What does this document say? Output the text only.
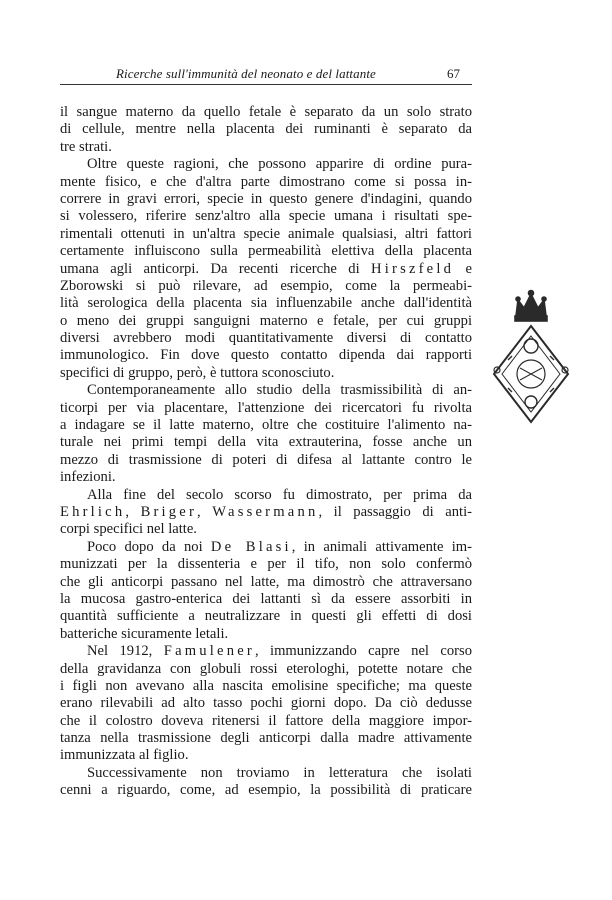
Ricerche sull'immunità del neonato e del lattante	67
il sangue materno da quello fetale è separato da un solo strato
di cellule, mentre nella placenta dei ruminanti è separato da
tre strati.
Oltre queste ragioni, che possono apparire di ordine pura-
mente fisico, e che d'altra parte dimostrano come si possa in-
correre in gravi errori, specie in questo genere d'indagini, quando
si volessero, riferire senz'altro alla specie umana i risultati spe-
rimentali ottenuti in un'altra specie animale qualsiasi, altri fattori
certamente influiscono sulla permeabilità elettiva della placenta
umana agli anticorpi. Da recenti ricerche di Hirszfeld e
Zborowski si può rilevare, ad esempio, come la permeabi-
lità serologica della placenta sia influenzabile anche dall'identità
o meno dei gruppi sanguigni materno e fetale, per cui gruppi
diversi avrebbero modi quantitativamente diversi di contatto
immunologico. Fin dove questo contatto dipenda dai rapporti
specifici di gruppo, però, è tuttora sconosciuto.
Contemporaneamente allo studio della trasmissibilità di an-
ticorpi per via placentare, l'attenzione dei ricercatori fu rivolta
a indagare se il latte materno, oltre che costituire l'alimento na-
turale nei primi tempi della vita extrauterina, fosse anche un
mezzo di trasmissione di poteri di difesa al lattante contro le
infezioni.
Alla fine del secolo scorso fu dimostrato, per prima da
Ehrlich, Briger, Wassermann, il passaggio di anti-
corpi specifici nel latte.
Poco dopo da noi De Blasi, in animali attivamente im-
munizzati per la dissenteria e per il tifo, non solo confermò
che gli anticorpi passano nel latte, ma dimostrò che attraversano
la mucosa gastro-enterica dei lattanti sì da essere assorbiti in
quantità sufficiente a neutralizzare in questi gli effetti di dosi
batteriche sicuramente letali.
Nel 1912, Famulener, immunizzando capre nel corso
della gravidanza con globuli rossi eterologhi, potette notare che
i figli non avevano alla nascita emolisine specifiche; ma queste
erano rilevabili ad alto tasso pochi giorni dopo. Da ciò dedusse
che il colostro doveva ritenersi il fattore della maggiore impor-
tanza nella trasmissione degli anticorpi dalla madre attivamente
immunizzata al figlio.
Successivamente non troviamo in letteratura che isolati
cenni a riguardo, come, ad esempio, la possibilità di praticare
